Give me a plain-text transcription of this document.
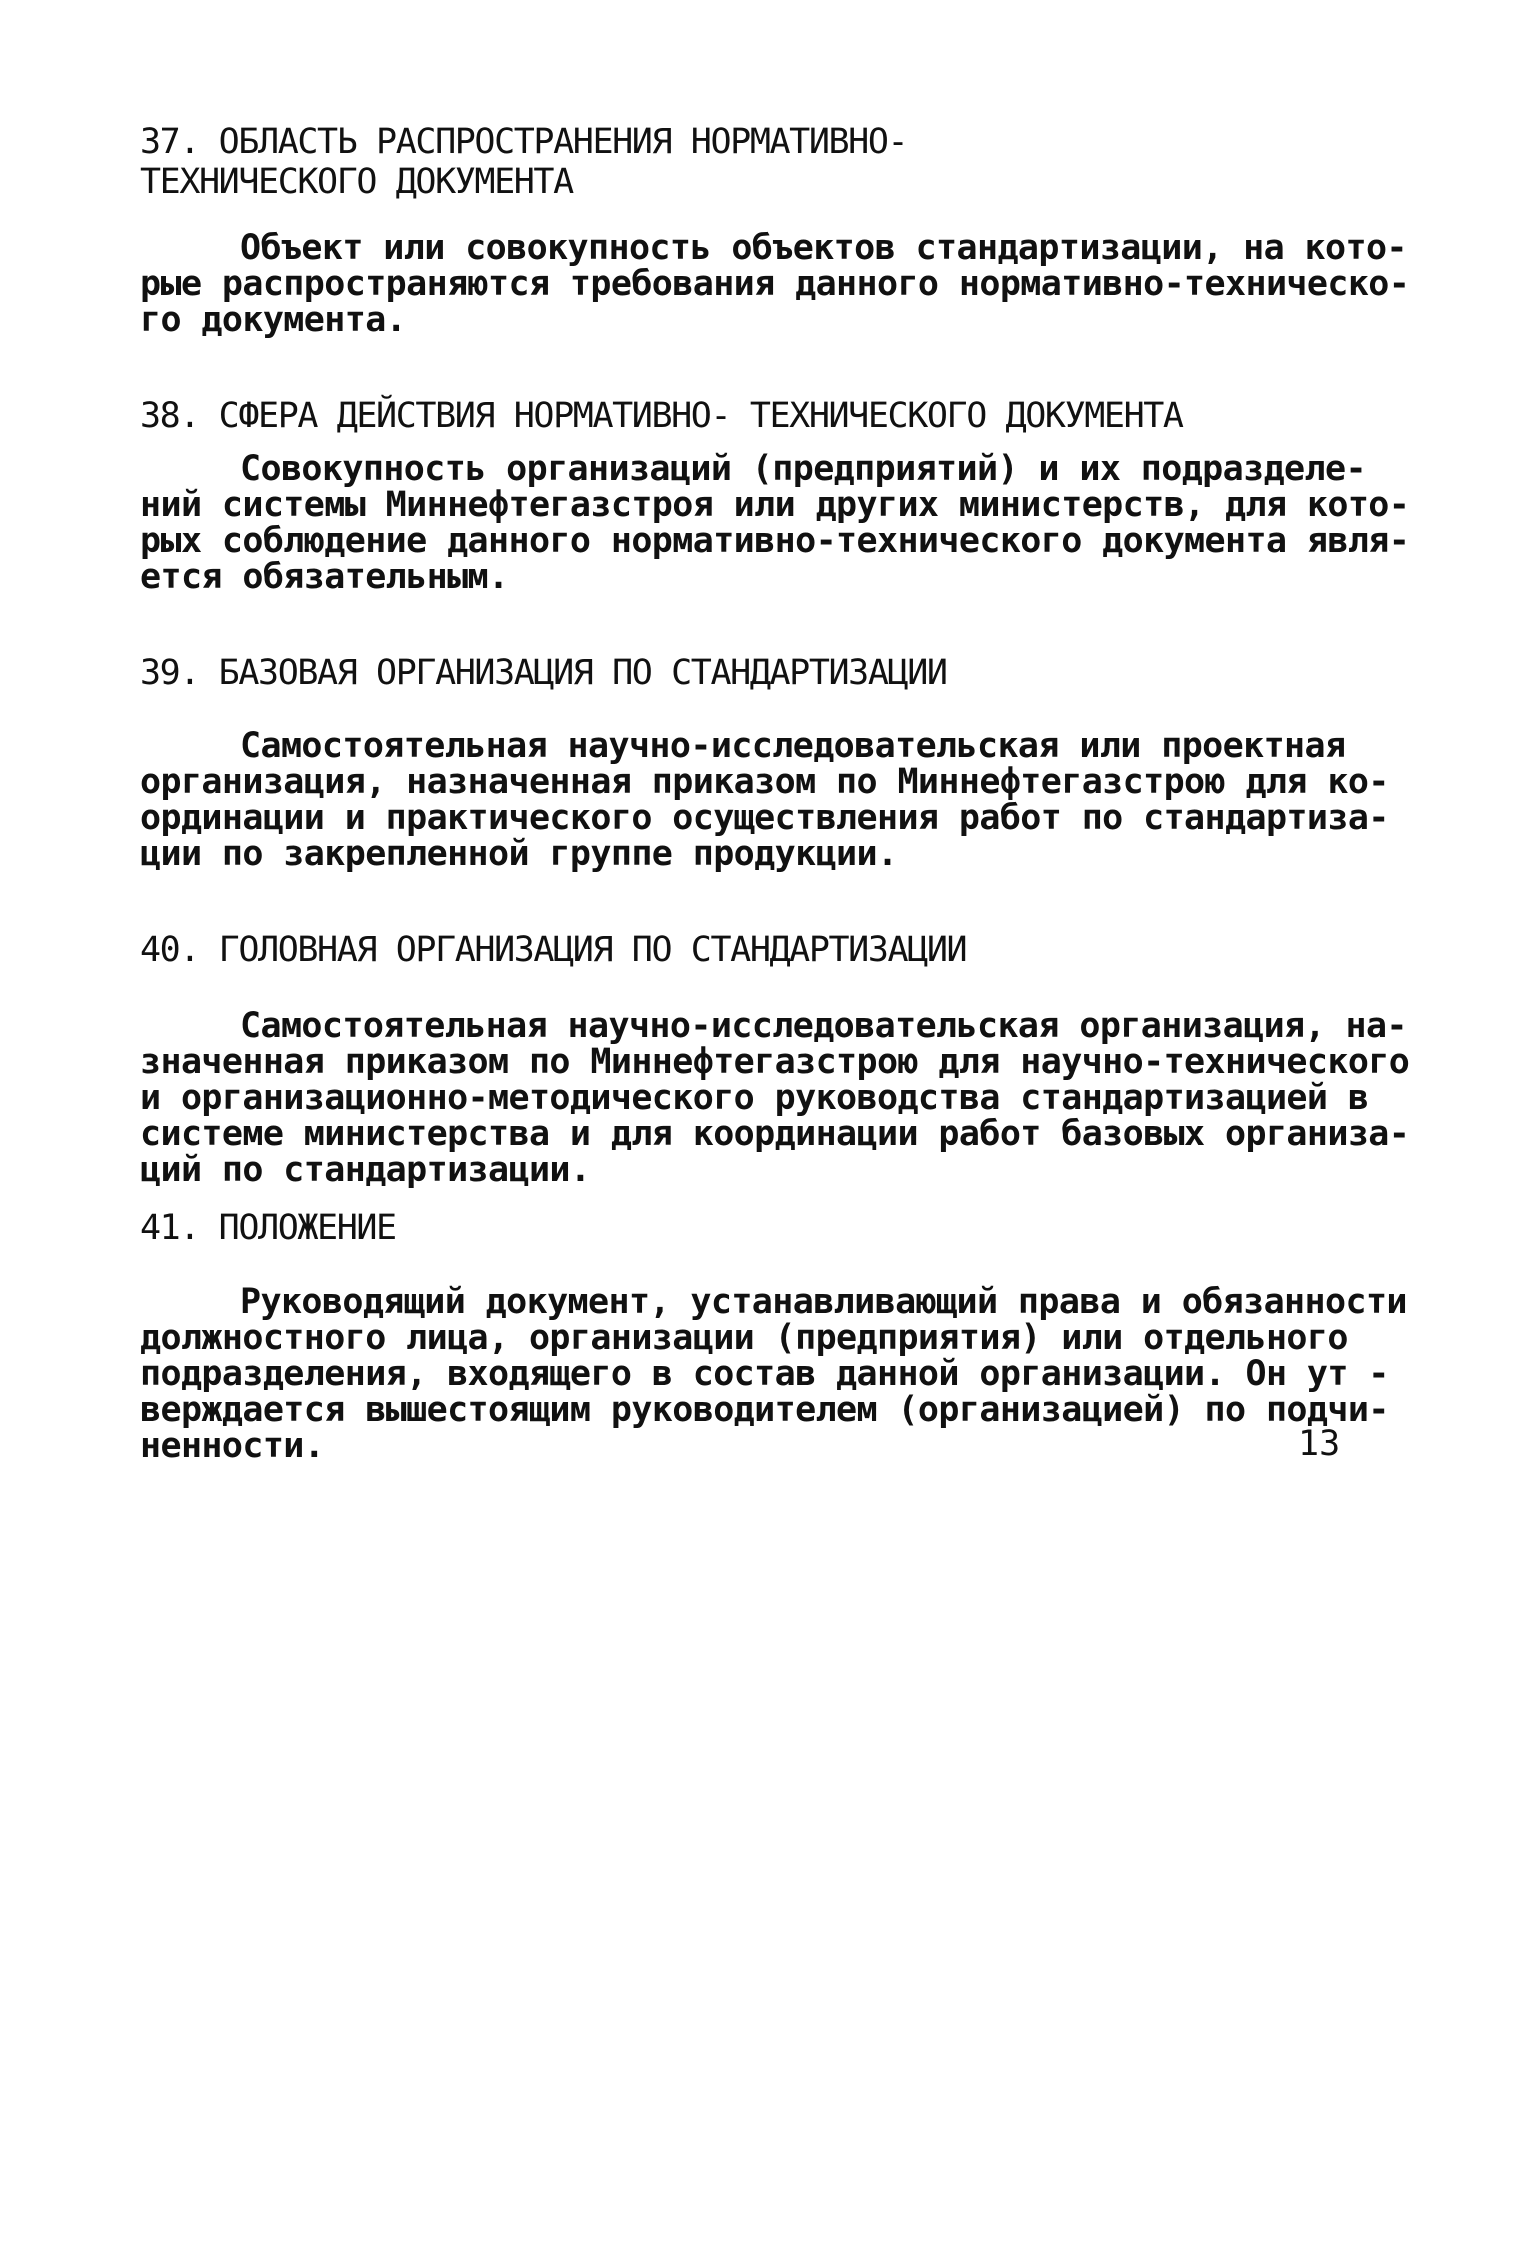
37. ОБЛАСТЬ РАСПРОСТРАНЕНИЯ НОРМАТИВНО-
ТЕХНИЧЕСКОГО ДОКУМЕНТА

Объект или совокупность объектов стандартизации, на кото-

рые распространяются требования данного нормативно-техническо-

го документа.

38. СФЕРА ДЕЙСТВИЯ НОРМАТИВНО- ТЕХНИЧЕСКОГО ДОКУМЕНТА

Совокупность организаций (предприятий) и их подразделе-

ний системы Миннефтегазстроя или других министерств, для кото-

рых соблюдение данного нормативно-технического документа явля-

ется обязательным.

39. БАЗОВАЯ ОРГАНИЗАЦИЯ ПО СТАНДАРТИЗАЦИИ

Самостоятельная научно-исследовательская или проектная

организация, назначенная приказом по Миннефтегазстрою для ко-

ординации и практического осуществления работ по стандартиза-

ции по закрепленной группе продукции.

40. ГОЛОВНАЯ ОРГАНИЗАЦИЯ ПО СТАНДАРТИЗАЦИИ

Самостоятельная научно-исследовательская организация, на-

значенная приказом по Миннефтегазстрою для научно-технического

и организационно-методического руководства стандартизацией в

системе министерства и для координации работ базовых организа-

ций по стандартизации.

41. ПОЛОЖЕНИЕ

Руководящий документ, устанавливающий права и обязанности

должностного лица, организации (предприятия) или отдельного

подразделения, входящего в состав данной организации. Он ут -

верждается вышестоящим руководителем (организацией) по подчи-

ненности.	13
